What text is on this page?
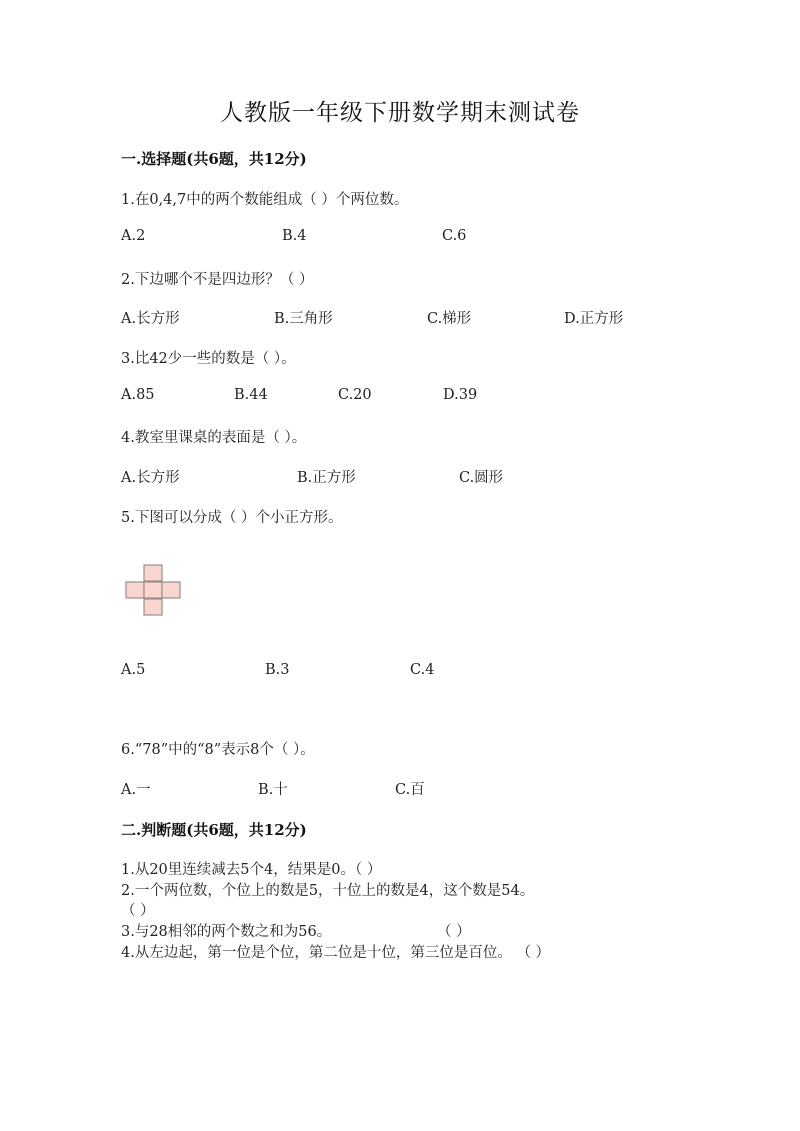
人教版一年级下册数学期末测试卷
一.选择题(共6题，共12分)
1.在0,4,7中的两个数能组成（ ）个两位数。
A.2	B.4	C.6
2.下边哪个不是四边形？（ ）
A.长方形	B.三角形	C.梯形	D.正方形
3.比42少一些的数是（ ）。
A.85	B.44	C.20	D.39
4.教室里课桌的表面是（ ）。
A.长方形	B.正方形	C.圆形
5.下图可以分成（ ）个小正方形。
A.5	B.3	C.4
6.“78”中的“8”表示8个（ ）。
A.一	B.十	C.百
二.判断题(共6题，共12分)
1.从20里连续减去5个4，结果是0。（ ）
2.一个两位数，个位上的数是5，十位上的数是4，这个数是54。
（ ）
3.与28相邻的两个数之和为56。	（ ）
4.从左边起，第一位是个位，第二位是十位，第三位是百位。 （ ）
